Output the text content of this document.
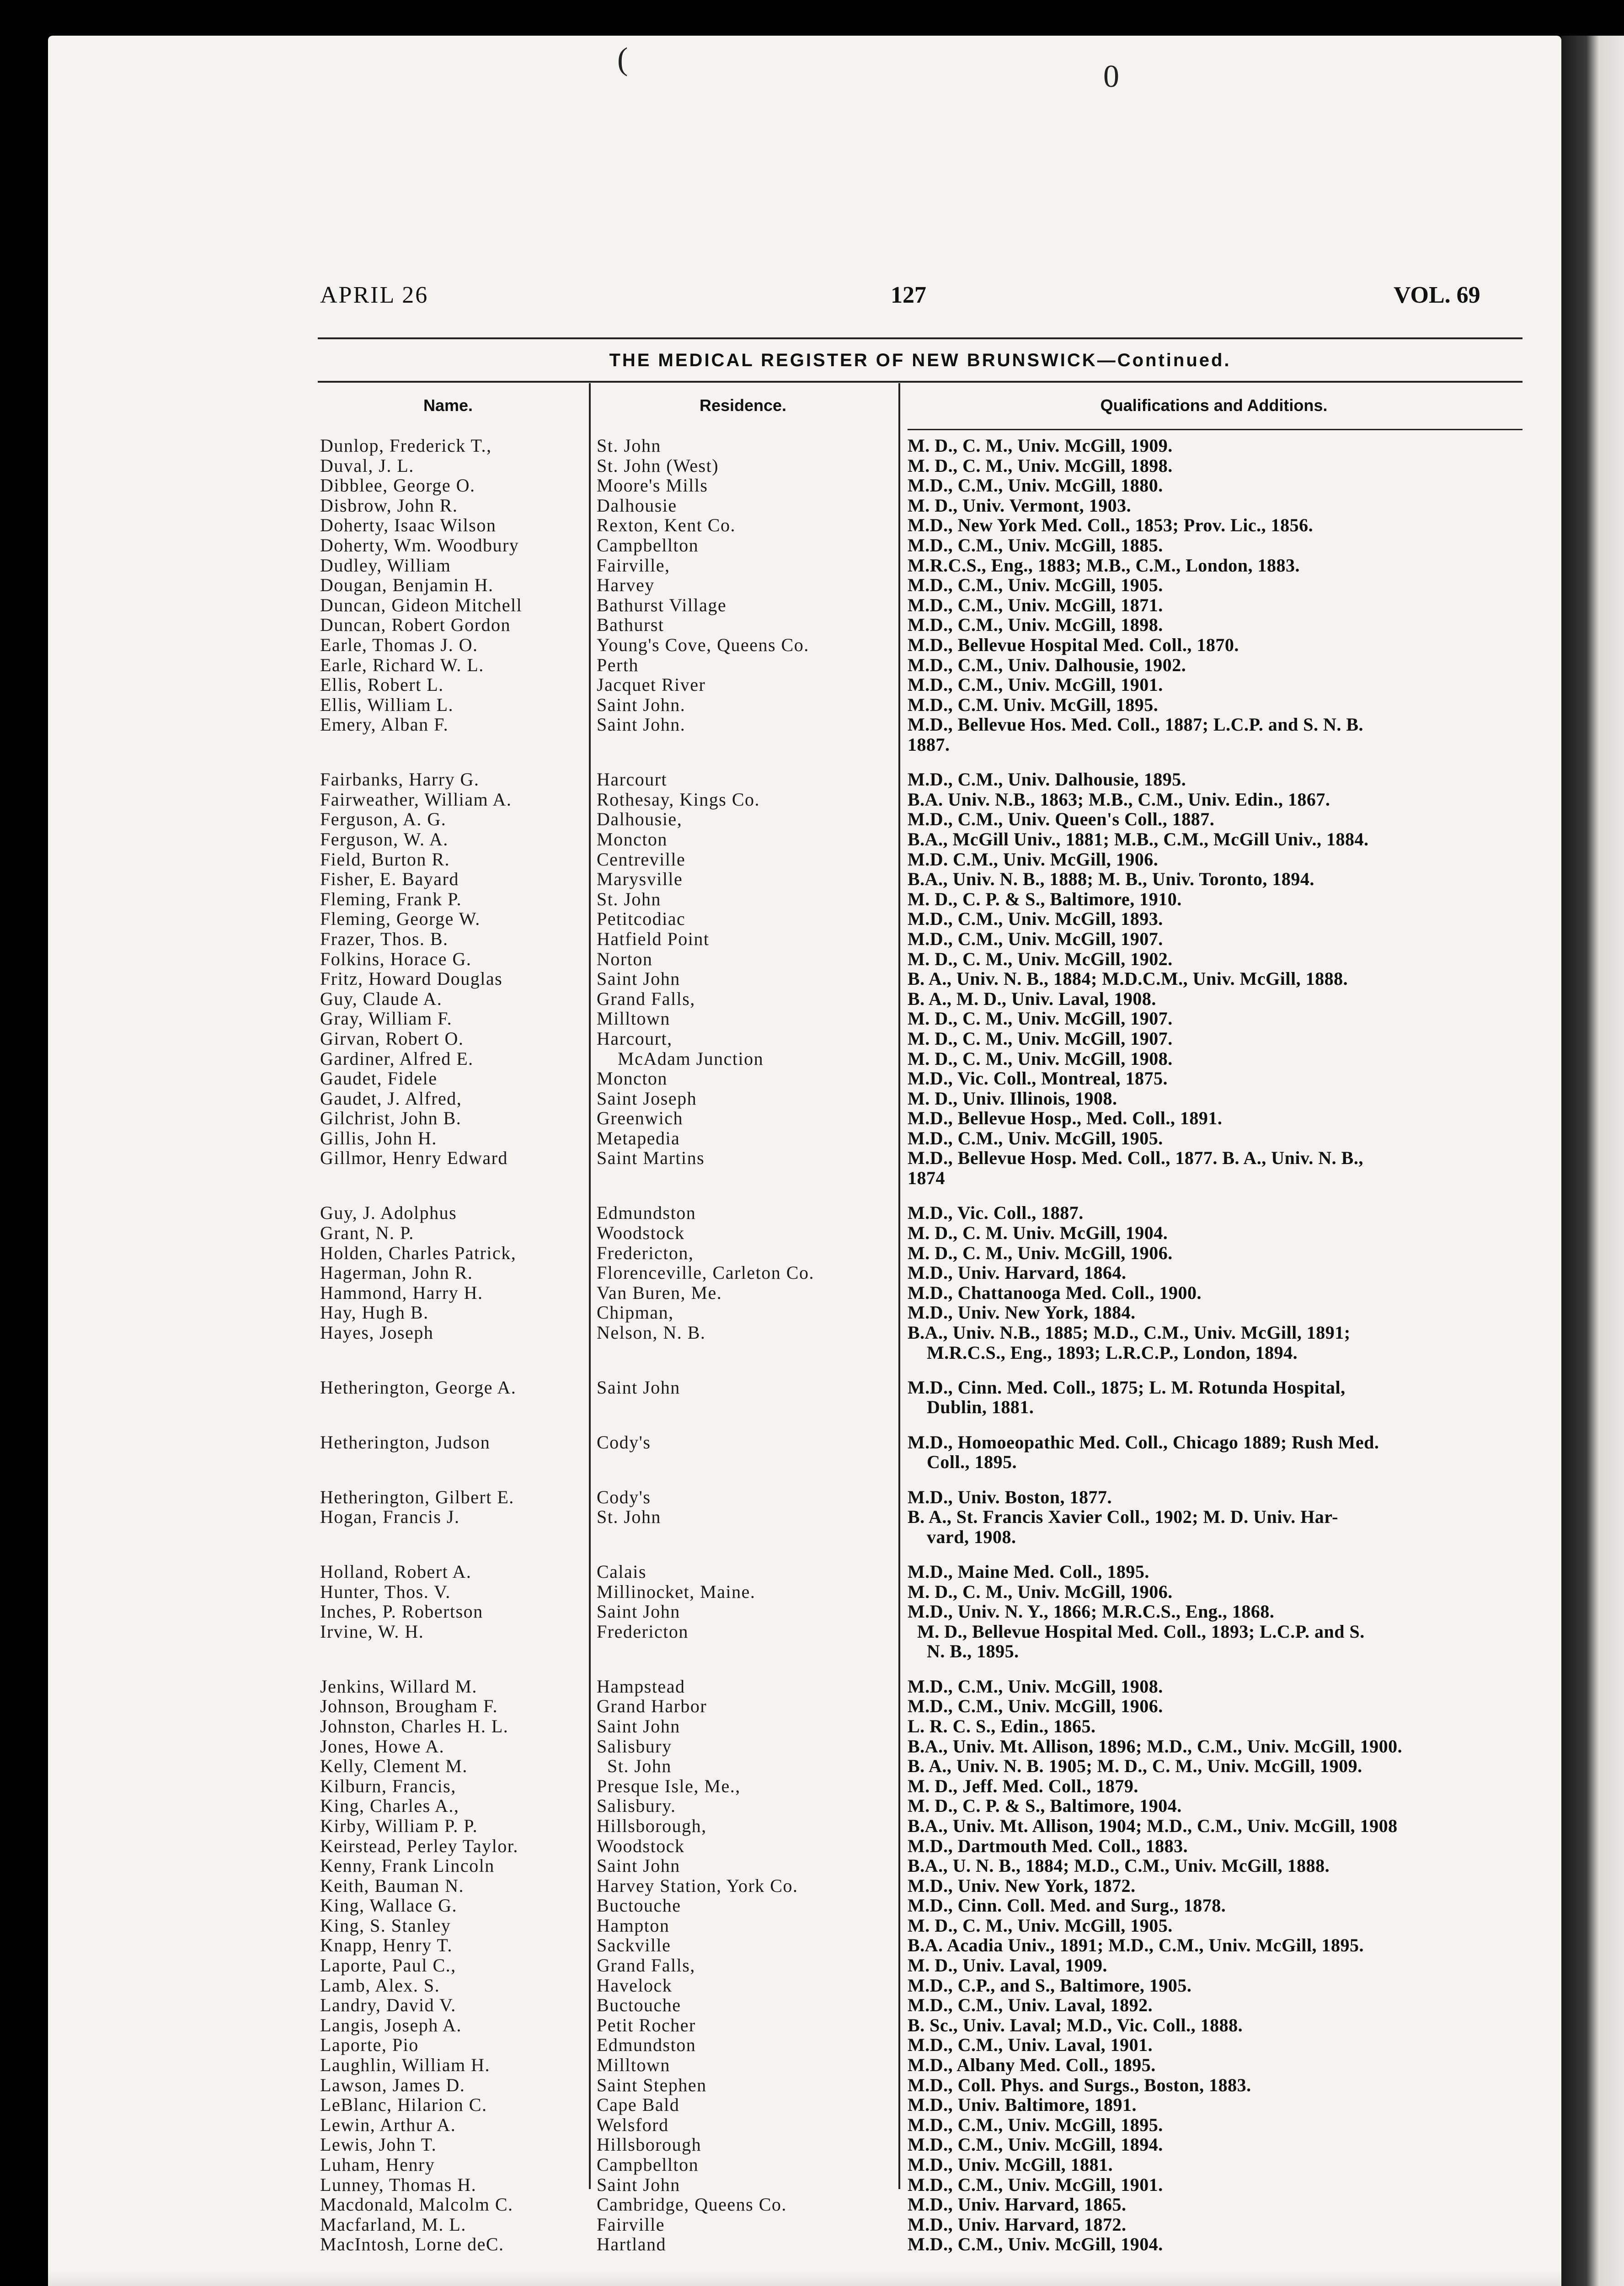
(	0
APRIL 26	127	VOL. 69
THE MEDICAL REGISTER OF NEW BRUNSWICK—Continued.
Name.	Residence.	Qualifications and Additions.
Dunlop, Frederick T.,	St. John	M. D., C. M., Univ. McGill, 1909.
Duval, J. L.	St. John (West)	M. D., C. M., Univ. McGill, 1898.
Dibblee, George O.	Moore's Mills	M.D., C.M., Univ. McGill, 1880.
Disbrow, John R.	Dalhousie	M. D., Univ. Vermont, 1903.
Doherty, Isaac Wilson	Rexton, Kent Co.	M.D., New York Med. Coll., 1853; Prov. Lic., 1856.
Doherty, Wm. Woodbury	Campbellton	M.D., C.M., Univ. McGill, 1885.
Dudley, William	Fairville,	M.R.C.S., Eng., 1883; M.B., C.M., London, 1883.
Dougan, Benjamin H.	Harvey	M.D., C.M., Univ. McGill, 1905.
Duncan, Gideon Mitchell	Bathurst Village	M.D., C.M., Univ. McGill, 1871.
Duncan, Robert Gordon	Bathurst	M.D., C.M., Univ. McGill, 1898.
Earle, Thomas J. O.	Young's Cove, Queens Co.	M.D., Bellevue Hospital Med. Coll., 1870.
Earle, Richard W. L.	Perth	M.D., C.M., Univ. Dalhousie, 1902.
Ellis, Robert L.	Jacquet River	M.D., C.M., Univ. McGill, 1901.
Ellis, William L.	Saint John.	M.D., C.M. Univ. McGill, 1895.
Emery, Alban F.	Saint John.	M.D., Bellevue Hos. Med. Coll., 1887; L.C.P. and S. N. B.
1887.
Fairbanks, Harry G.	Harcourt	M.D., C.M., Univ. Dalhousie, 1895.
Fairweather, William A.	Rothesay, Kings Co.	B.A. Univ. N.B., 1863; M.B., C.M., Univ. Edin., 1867.
Ferguson, A. G.	Dalhousie,	M.D., C.M., Univ. Queen's Coll., 1887.
Ferguson, W. A.	Moncton	B.A., McGill Univ., 1881; M.B., C.M., McGill Univ., 1884.
Field, Burton R.	Centreville	M.D. C.M., Univ. McGill, 1906.
Fisher, E. Bayard	Marysville	B.A., Univ. N. B., 1888; M. B., Univ. Toronto, 1894.
Fleming, Frank P.	St. John	M. D., C. P. & S., Baltimore, 1910.
Fleming, George W.	Petitcodiac	M.D., C.M., Univ. McGill, 1893.
Frazer, Thos. B.	Hatfield Point	M.D., C.M., Univ. McGill, 1907.
Folkins, Horace G.	Norton	M. D., C. M., Univ. McGill, 1902.
Fritz, Howard Douglas	Saint John	B. A., Univ. N. B., 1884; M.D.C.M., Univ. McGill, 1888.
Guy, Claude A.	Grand Falls,	B. A., M. D., Univ. Laval, 1908.
Gray, William F.	Milltown	M. D., C. M., Univ. McGill, 1907.
Girvan, Robert O.	Harcourt,	M. D., C. M., Univ. McGill, 1907.
Gardiner, Alfred E.	McAdam Junction	M. D., C. M., Univ. McGill, 1908.
Gaudet, Fidele	Moncton	M.D., Vic. Coll., Montreal, 1875.
Gaudet, J. Alfred,	Saint Joseph	M. D., Univ. Illinois, 1908.
Gilchrist, John B.	Greenwich	M.D., Bellevue Hosp., Med. Coll., 1891.
Gillis, John H.	Metapedia	M.D., C.M., Univ. McGill, 1905.
Gillmor, Henry Edward	Saint Martins	M.D., Bellevue Hosp. Med. Coll., 1877. B. A., Univ. N. B.,
1874
Guy, J. Adolphus	Edmundston	M.D., Vic. Coll., 1887.
Grant, N. P.	Woodstock	M. D., C. M. Univ. McGill, 1904.
Holden, Charles Patrick,	Fredericton,	M. D., C. M., Univ. McGill, 1906.
Hagerman, John R.	Florenceville, Carleton Co.	M.D., Univ. Harvard, 1864.
Hammond, Harry H.	Van Buren, Me.	M.D., Chattanooga Med. Coll., 1900.
Hay, Hugh B.	Chipman,	M.D., Univ. New York, 1884.
Hayes, Joseph	Nelson, N. B.	B.A., Univ. N.B., 1885; M.D., C.M., Univ. McGill, 1891;
M.R.C.S., Eng., 1893; L.R.C.P., London, 1894.
Hetherington, George A.	Saint John	M.D., Cinn. Med. Coll., 1875; L. M. Rotunda Hospital,
Dublin, 1881.
Hetherington, Judson	Cody's	M.D., Homoeopathic Med. Coll., Chicago 1889; Rush Med.
Coll., 1895.
Hetherington, Gilbert E.	Cody's	M.D., Univ. Boston, 1877.
Hogan, Francis J.	St. John	B. A., St. Francis Xavier Coll., 1902; M. D. Univ. Har-
vard, 1908.
Holland, Robert A.	Calais	M.D., Maine Med. Coll., 1895.
Hunter, Thos. V.	Millinocket, Maine.	M. D., C. M., Univ. McGill, 1906.
Inches, P. Robertson	Saint John	M.D., Univ. N. Y., 1866; M.R.C.S., Eng., 1868.
Irvine, W. H.	Fredericton	M. D., Bellevue Hospital Med. Coll., 1893; L.C.P. and S.
N. B., 1895.
Jenkins, Willard M.	Hampstead	M.D., C.M., Univ. McGill, 1908.
Johnson, Brougham F.	Grand Harbor	M.D., C.M., Univ. McGill, 1906.
Johnston, Charles H. L.	Saint John	L. R. C. S., Edin., 1865.
Jones, Howe A.	Salisbury	B.A., Univ. Mt. Allison, 1896; M.D., C.M., Univ. McGill, 1900.
Kelly, Clement M.	St. John	B. A., Univ. N. B. 1905; M. D., C. M., Univ. McGill, 1909.
Kilburn, Francis,	Presque Isle, Me.,	M. D., Jeff. Med. Coll., 1879.
King, Charles A.,	Salisbury.	M. D., C. P. & S., Baltimore, 1904.
Kirby, William P. P.	Hillsborough,	B.A., Univ. Mt. Allison, 1904; M.D., C.M., Univ. McGill, 1908
Keirstead, Perley Taylor.	Woodstock	M.D., Dartmouth Med. Coll., 1883.
Kenny, Frank Lincoln	Saint John	B.A., U. N. B., 1884; M.D., C.M., Univ. McGill, 1888.
Keith, Bauman N.	Harvey Station, York Co.	M.D., Univ. New York, 1872.
King, Wallace G.	Buctouche	M.D., Cinn. Coll. Med. and Surg., 1878.
King, S. Stanley	Hampton	M. D., C. M., Univ. McGill, 1905.
Knapp, Henry T.	Sackville	B.A. Acadia Univ., 1891; M.D., C.M., Univ. McGill, 1895.
Laporte, Paul C.,	Grand Falls,	M. D., Univ. Laval, 1909.
Lamb, Alex. S.	Havelock	M.D., C.P., and S., Baltimore, 1905.
Landry, David V.	Buctouche	M.D., C.M., Univ. Laval, 1892.
Langis, Joseph A.	Petit Rocher	B. Sc., Univ. Laval; M.D., Vic. Coll., 1888.
Laporte, Pio	Edmundston	M.D., C.M., Univ. Laval, 1901.
Laughlin, William H.	Milltown	M.D., Albany Med. Coll., 1895.
Lawson, James D.	Saint Stephen	M.D., Coll. Phys. and Surgs., Boston, 1883.
LeBlanc, Hilarion C.	Cape Bald	M.D., Univ. Baltimore, 1891.
Lewin, Arthur A.	Welsford	M.D., C.M., Univ. McGill, 1895.
Lewis, John T.	Hillsborough	M.D., C.M., Univ. McGill, 1894.
Luham, Henry	Campbellton	M.D., Univ. McGill, 1881.
Lunney, Thomas H.	Saint John	M.D., C.M., Univ. McGill, 1901.
Macdonald, Malcolm C.	Cambridge, Queens Co.	M.D., Univ. Harvard, 1865.
Macfarland, M. L.	Fairville	M.D., Univ. Harvard, 1872.
MacIntosh, Lorne deC.	Hartland	M.D., C.M., Univ. McGill, 1904.
